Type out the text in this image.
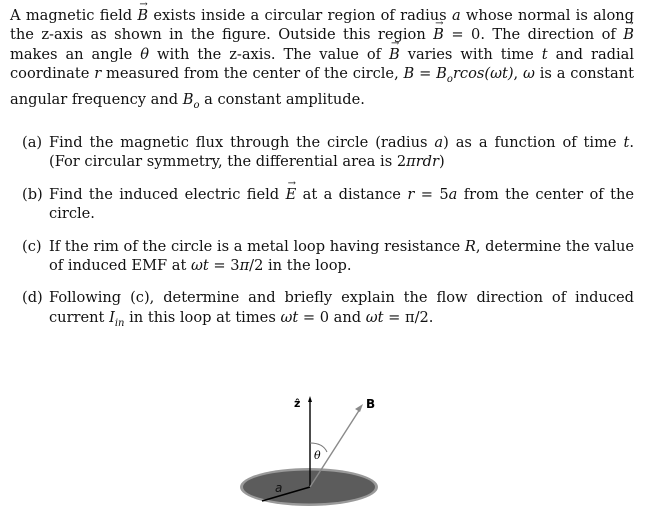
A magnetic field → B exists inside a circular region of radius a whose normal is along the z-axis as shown in the figure. Outside this region → B = 0. The direction of → B makes an angle θ with the z-axis. The value of → B varies with time t and radial coordinate r measured from the center of the circle, $B = B_orcos(\omega t)$, ω is a constant angular frequency and $B_o$ a constant amplitude.
(a) Find the magnetic flux through the circle (radius a) as a function of time t. (For circular symmetry, the differential area is 2πrdr)
(b) Find the induced electric field → E at a distance r = 5a from the center of the circle.
(c) If the rim of the circle is a metal loop having resistance R, determine the value of induced EMF at ωt = 3π/2 in the loop.
(d) Following (c), determine and briefly explain the flow direction of induced current $I_{in}$ in this loop at times ωt = 0 and ωt = π/2.
ẑ	B
θ
a
